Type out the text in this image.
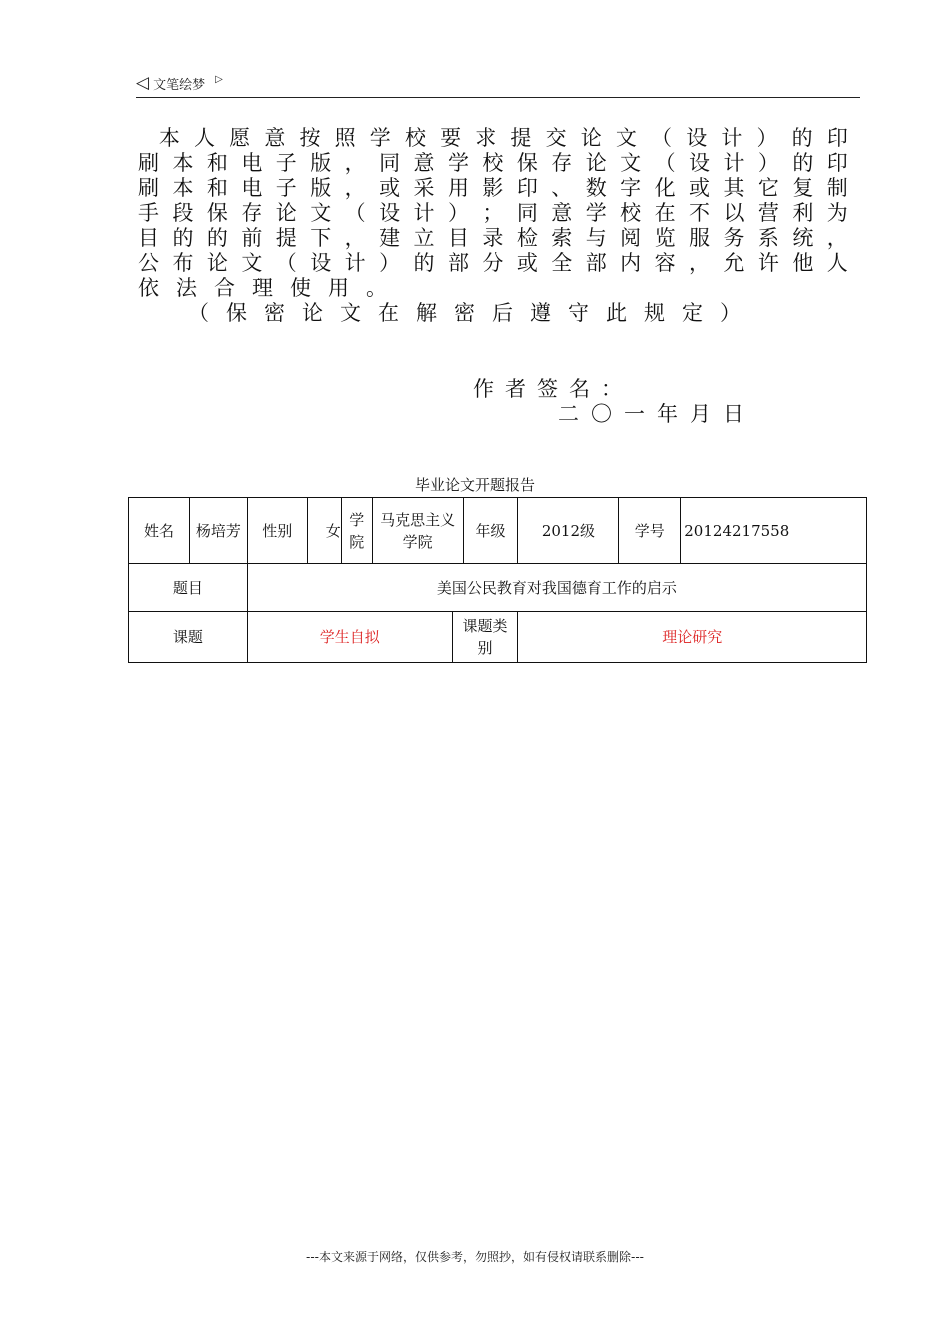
◁ 文笔绘梦 ▷

本 人 愿 意 按 照 学 校 要 求 提 交 论 文 （ 设 计 ） 的 印
刷 本 和 电 子 版 ， 同 意 学 校 保 存 论 文 （ 设 计 ） 的 印
刷 本 和 电 子 版 ， 或 采 用 影 印 、 数 字 化 或 其 它 复 制
手 段 保 存 论 文 （ 设 计 ） ； 同 意 学 校 在 不 以 营 利 为
目 的 的 前 提 下 ， 建 立 目 录 检 索 与 阅 览 服 务 系 统 ，
公 布 论 文 （ 设 计 ） 的 部 分 或 全 部 内 容 ， 允 许 他 人
依 法 合 理 使 用 。
（ 保 密 论 文 在 解 密 后 遵 守 此 规 定 ）
作者签名：
二〇一年月日
毕业论文开题报告
姓名	杨培芳	性别	女	学院	马克思主义学院		年级	2012级	学号	20124217558
题目		美国公民教育对我国德育工作的启示								
课题		学生自拟				课题类别		理论研究		
---本文来源于网络，仅供参考，勿照抄，如有侵权请联系删除---
